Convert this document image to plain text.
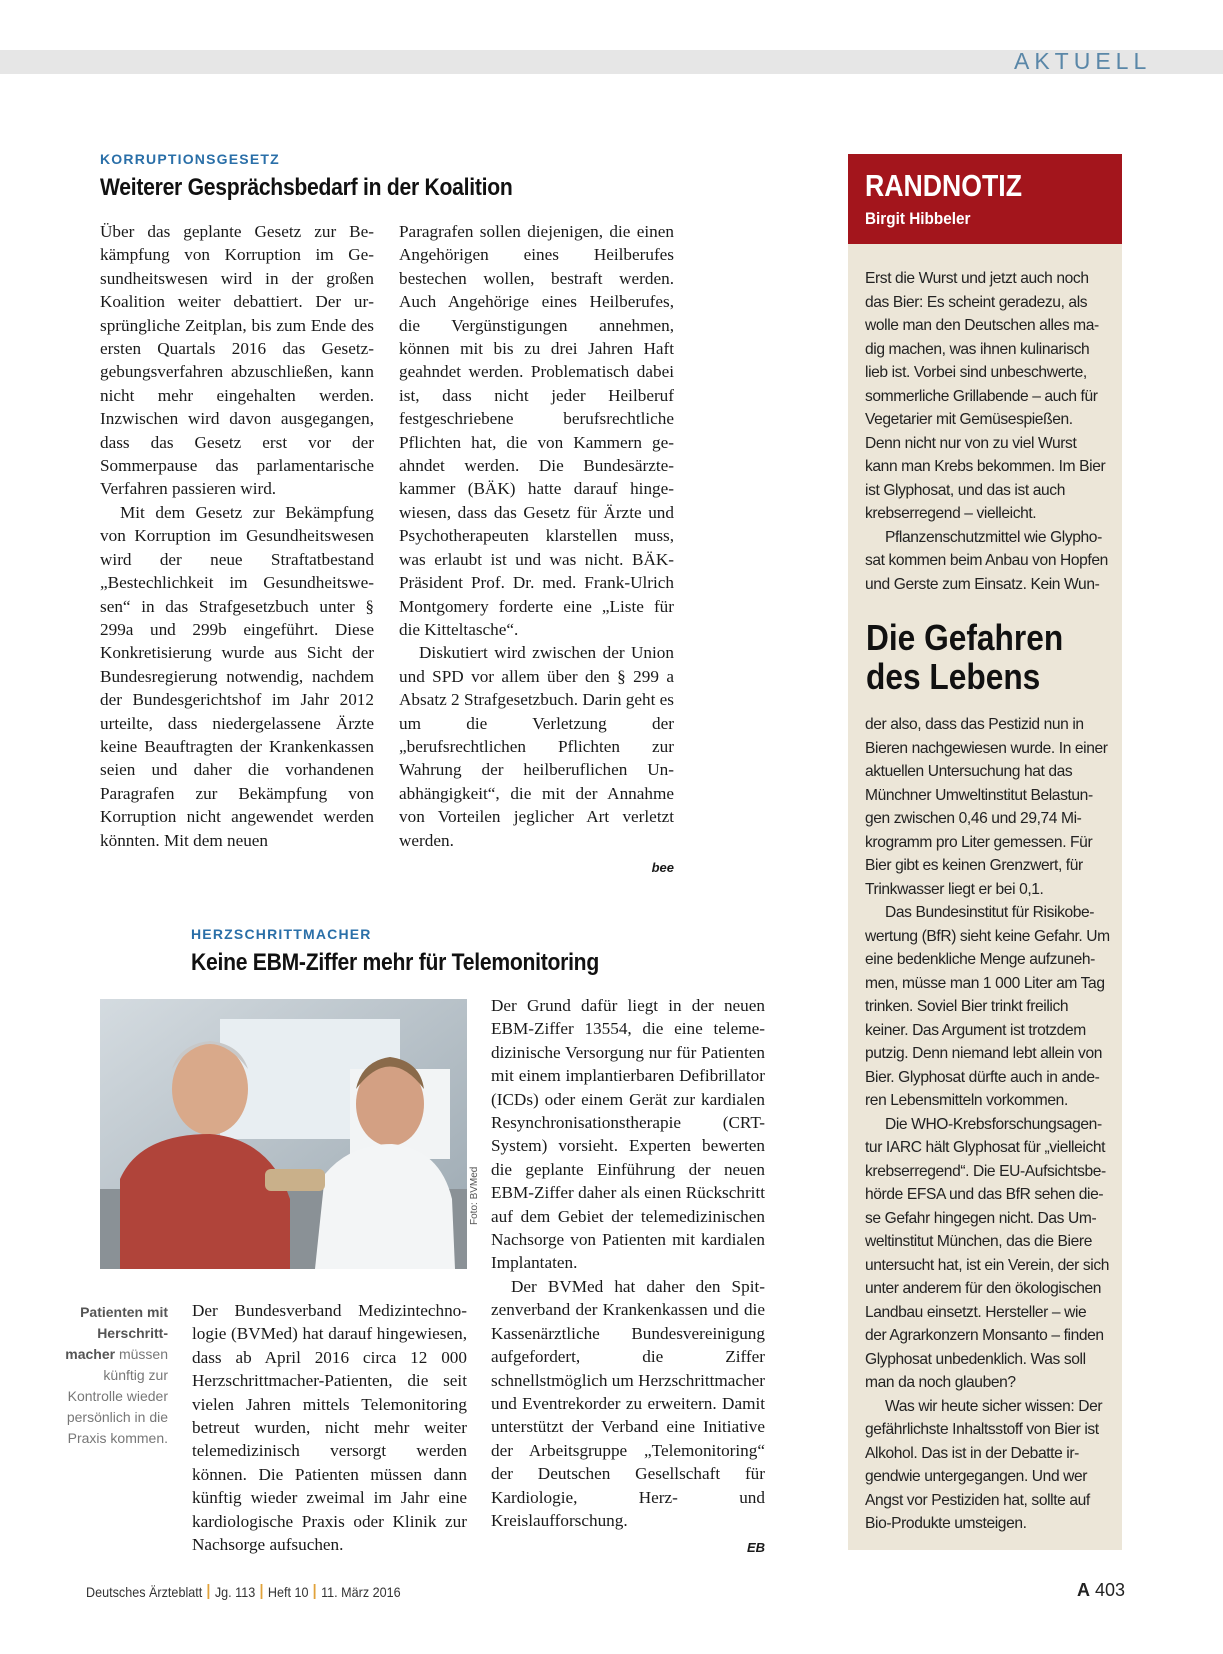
AKTUELL
KORRUPTIONSGESETZ
Weiterer Gesprächsbedarf in der Koalition

Über das geplante Gesetz zur Bekämpfung von Korruption im Gesundheitswesen wird in der großen Koalition weiter debattiert. Der ursprüngliche Zeitplan, bis zum Ende des ersten Quartals 2016 das Gesetzgebungsverfahren abzuschließen, kann nicht mehr eingehalten werden. Inzwischen wird davon ausgegangen, dass das Gesetz erst vor der Sommerpause das parlamentarische Verfahren passieren wird.

Mit dem Gesetz zur Bekämpfung von Korruption im Gesundheitswesen wird der neue Straftatbestand „Bestechlichkeit im Gesundheitswesen“ in das Strafgesetzbuch unter § 299a und 299b eingeführt. Diese Konkretisierung wurde aus Sicht der Bundesregierung notwendig, nachdem der Bundesgerichtshof im Jahr 2012 urteilte, dass niedergelassene Ärzte keine Beauftragten der Krankenkassen seien und daher die vorhandenen Paragrafen zur Bekämpfung von Korruption nicht angewendet werden könnten. Mit dem neuen

Paragrafen sollen diejenigen, die einen Angehörigen eines Heilberufes bestechen wollen, bestraft werden. Auch Angehörige eines Heilberufes, die Vergünstigungen annehmen, können mit bis zu drei Jahren Haft geahndet werden. Problematisch dabei ist, dass nicht jeder Heilberuf festgeschriebene berufsrechtliche Pflichten hat, die von Kammern geahndet werden. Die Bundesärztekammer (BÄK) hatte darauf hingewiesen, dass das Gesetz für Ärzte und Psychotherapeuten klarstellen muss, was erlaubt ist und was nicht. BÄK-Präsident Prof. Dr. med. Frank-Ulrich Montgomery forderte eine „Liste für die Kitteltasche“.

Diskutiert wird zwischen der Union und SPD vor allem über den § 299 a Absatz 2 Strafgesetzbuch. Darin geht es um die Verletzung der „berufsrechtlichen Pflichten zur Wahrung der heilberuflichen Unabhängigkeit“, die mit der Annahme von Vorteilen jeglicher Art verletzt werden.

bee
HERZSCHRITTMACHER
Keine EBM-Ziffer mehr für Telemonitoring
Foto: BVMed
Patienten mit Herschrittmacher müssen künftig zur Kontrolle wieder persönlich in die Praxis kommen.

Der Bundesverband Medizintechnologie (BVMed) hat darauf hingewiesen, dass ab April 2016 circa 12 000 Herzschrittmacher-Patienten, die seit vielen Jahren mittels Telemonitoring betreut wurden, nicht mehr weiter telemedizinisch versorgt werden können. Die Patienten müssen dann künftig wieder zweimal im Jahr eine kardiologische Praxis oder Klinik zur Nachsorge aufsuchen.

Der Grund dafür liegt in der neuen EBM-Ziffer 13554, die eine telemedizinische Versorgung nur für Patienten mit einem implantierbaren Defibrillator (ICDs) oder einem Gerät zur kardialen Resynchronisationstherapie (CRT-System) vorsieht. Experten bewerten die geplante Einführung der neuen EBM-Ziffer daher als einen Rückschritt auf dem Gebiet der telemedizinischen Nachsorge von Patienten mit kardialen Implantaten.

Der BVMed hat daher den Spitzenverband der Krankenkassen und die Kassenärztliche Bundesvereinigung aufgefordert, die Ziffer schnellstmöglich um Herzschrittmacher und Eventrekorder zu erweitern. Damit unterstützt der Verband eine Initiative der Arbeitsgruppe „Telemonitoring“ der Deutschen Gesellschaft für Kardiologie, Herz- und Kreislaufforschung.

EB
RANDNOTIZ
Birgit Hibbeler

Erst die Wurst und jetzt auch noch das Bier: Es scheint geradezu, als wolle man den Deutschen alles madig machen, was ihnen kulinarisch lieb ist. Vorbei sind unbeschwerte, sommerliche Grillabende – auch für Vegetarier mit Gemüsespießen. Denn nicht nur von zu viel Wurst kann man Krebs bekommen. Im Bier ist Glyphosat, und das ist auch krebserregend – vielleicht.

Pflanzenschutzmittel wie Glyphosat kommen beim Anbau von Hopfen und Gerste zum Einsatz. Kein Wun-

Die Gefahren
des Lebens

der also, dass das Pestizid nun in Bieren nachgewiesen wurde. In einer aktuellen Untersuchung hat das Münchner Umweltinstitut Belastungen zwischen 0,46 und 29,74 Mikrogramm pro Liter gemessen. Für Bier gibt es keinen Grenzwert, für Trinkwasser liegt er bei 0,1.

Das Bundesinstitut für Risikobewertung (BfR) sieht keine Gefahr. Um eine bedenkliche Menge aufzunehmen, müsse man 1 000 Liter am Tag trinken. Soviel Bier trinkt freilich keiner. Das Argument ist trotzdem putzig. Denn niemand lebt allein von Bier. Glyphosat dürfte auch in anderen Lebensmitteln vorkommen.

Die WHO-Krebsforschungsagentur IARC hält Glyphosat für „vielleicht krebserregend“. Die EU-Aufsichtsbehörde EFSA und das BfR sehen diese Gefahr hingegen nicht. Das Umweltinstitut München, das die Biere untersucht hat, ist ein Verein, der sich unter anderem für den ökologischen Landbau einsetzt. Hersteller – wie der Agrarkonzern Monsanto – finden Glyphosat unbedenklich. Was soll man da noch glauben?

Was wir heute sicher wissen: Der gefährlichste Inhaltsstoff von Bier ist Alkohol. Das ist in der Debatte irgendwie untergegangen. Und wer Angst vor Pestiziden hat, sollte auf Bio-Produkte umsteigen.

Deutsches Ärzteblatt Jg. 113 Heft 10 11. März 2016	A 403
